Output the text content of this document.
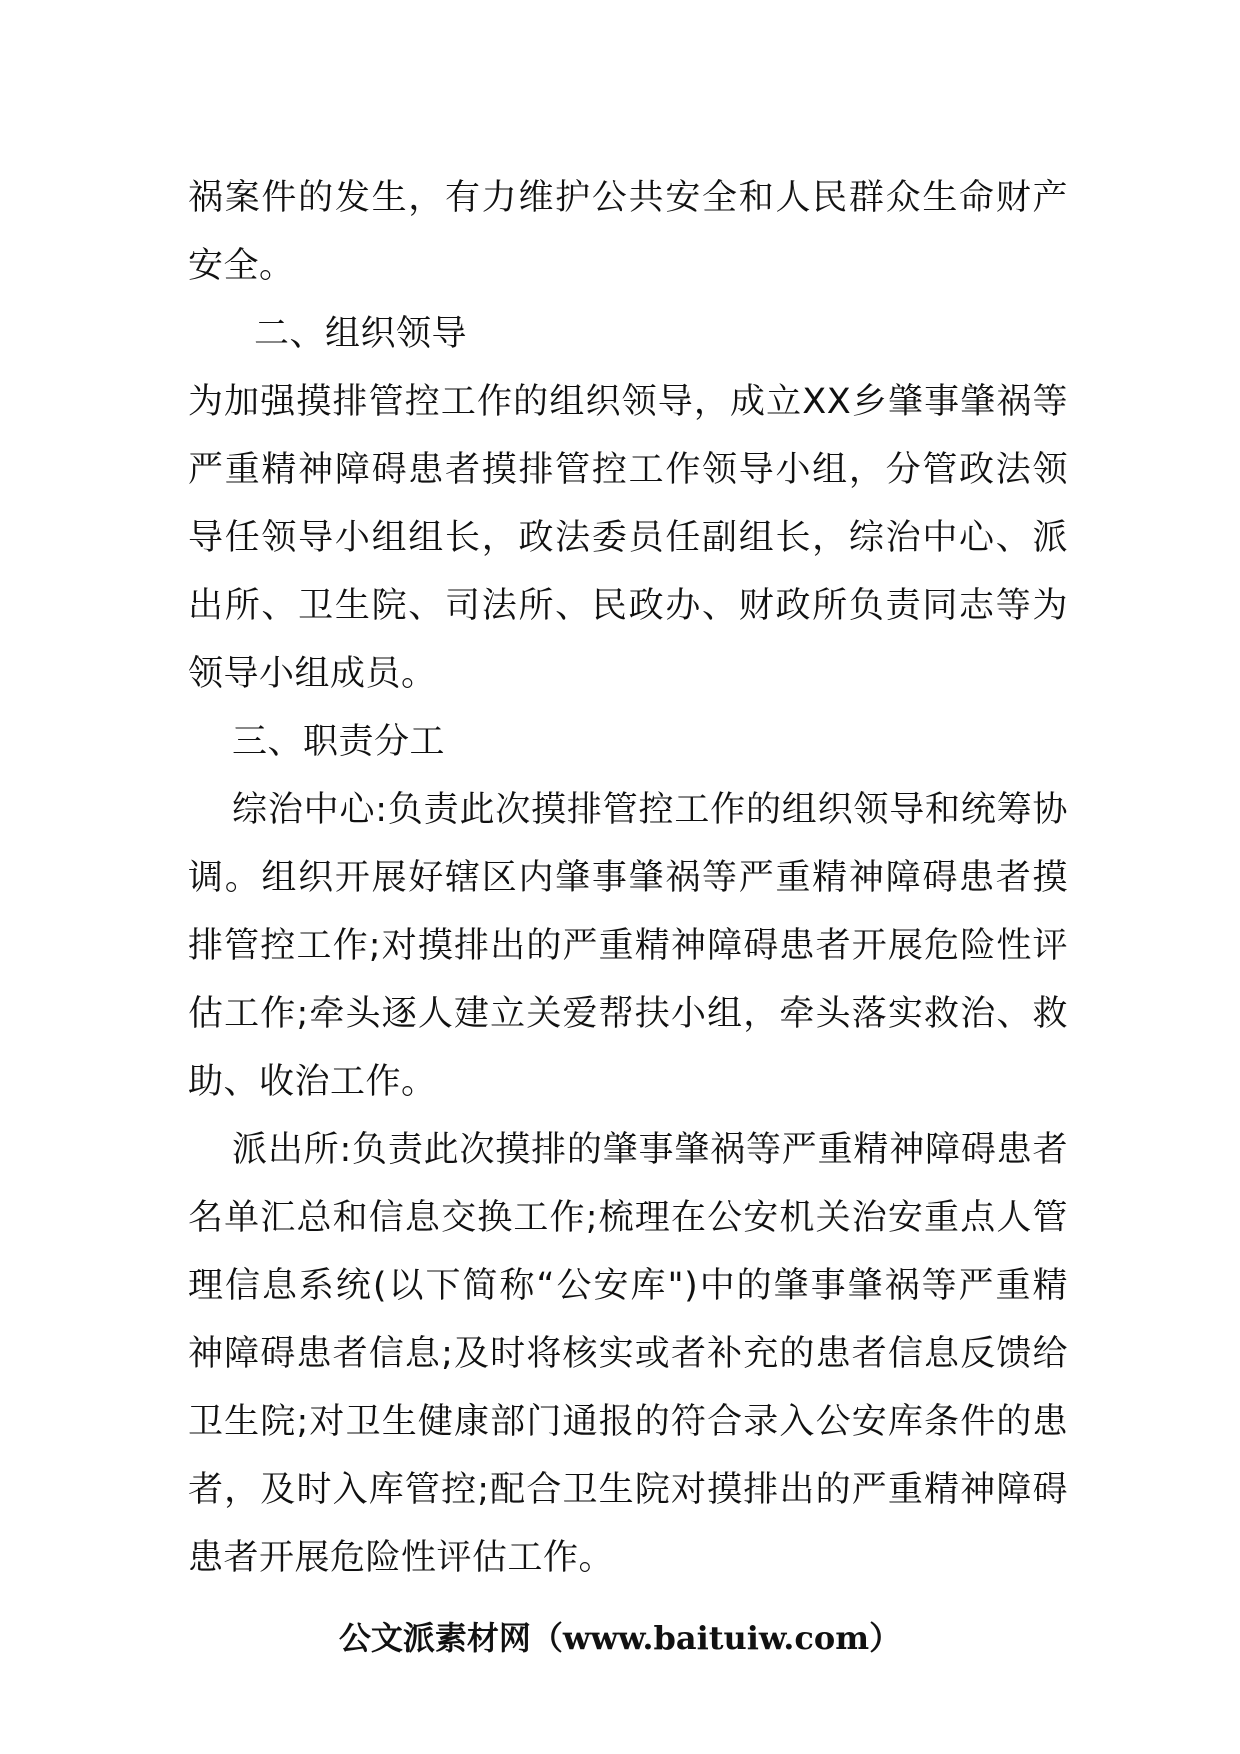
祸案件的发生，有力维护公共安全和人民群众生命财产安全。

二、组织领导

为加强摸排管控工作的组织领导，成立XX乡肇事肇祸等严重精神障碍患者摸排管控工作领导小组，分管政法领导任领导小组组长，政法委员任副组长，综治中心、派出所、卫生院、司法所、民政办、财政所负责同志等为领导小组成员。

三、职责分工

综治中心:负责此次摸排管控工作的组织领导和统筹协调。组织开展好辖区内肇事肇祸等严重精神障碍患者摸排管控工作;对摸排出的严重精神障碍患者开展危险性评估工作;牵头逐人建立关爱帮扶小组，牵头落实救治、救助、收治工作。

派出所:负责此次摸排的肇事肇祸等严重精神障碍患者名单汇总和信息交换工作;梳理在公安机关治安重点人管理信息系统(以下简称“公安库")中的肇事肇祸等严重精神障碍患者信息;及时将核实或者补充的患者信息反馈给卫生院;对卫生健康部门通报的符合录入公安库条件的患者，及时入库管控;配合卫生院对摸排出的严重精神障碍患者开展危险性评估工作。

公文派素材网（www.baituiw.com）
